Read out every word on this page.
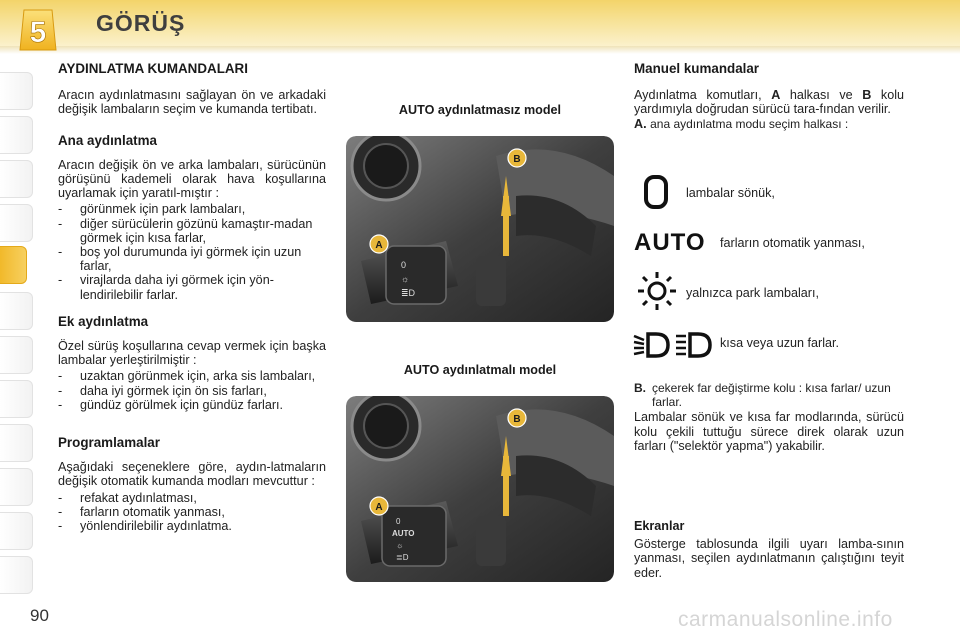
5 GÖRÜŞ
AYDINLATMA KUMANDALARI
Aracın aydınlatmasını sağlayan ön ve arkadaki değişik lambaların seçim ve kumanda tertibatı.
Ana aydınlatma
Aracın değişik ön ve arka lambaları, sürücünün görüşünü kademeli olarak hava koşullarına uyarlamak için yaratıl-mıştır :
- görünmek için park lambaları,
- diğer sürücülerin gözünü kamaştır-madan görmek için kısa farlar,
- boş yol durumunda iyi görmek için uzun farlar,
- virajlarda daha iyi görmek için yön-lendirilebilir farlar.
Ek aydınlatma
Özel sürüş koşullarına cevap vermek için başka lambalar yerleştirilmiştir :
- uzaktan görünmek için, arka sis lambaları,
- daha iyi görmek için ön sis farları,
- gündüz görülmek için gündüz farları.
Programlamalar
Aşağıdaki seçeneklere göre, aydın-latmaların değişik otomatik kumanda modları mevcuttur :
- refakat aydınlatması,
- farların otomatik yanması,
- yönlendirilebilir aydınlatma.
AUTO aydınlatmasız model
AUTO aydınlatmalı model
0
☼
≣D
B
A
0
AUTO
☼
≣D
B
A
Manuel kumandalar
Aydınlatma komutları, A halkası ve B kolu yardımıyla doğrudan sürücü tara-fından verilir.
A. ana aydınlatma modu seçim halkası :
lambalar sönük,
AUTO farların otomatik yanması,
yalnızca park lambaları,
kısa veya uzun farlar.
B. çekerek far değiştirme kolu : kısa farlar/ uzun farlar.
Lambalar sönük ve kısa far modlarında, sürücü kolu çekili tuttuğu sürece direk olarak uzun farları ("selektör yapma") yakabilir.
Ekranlar
Gösterge tablosunda ilgili uyarı lamba-sının yanması, seçilen aydınlatmanın çalıştığını teyit eder.
90	carmanualsonline.info
